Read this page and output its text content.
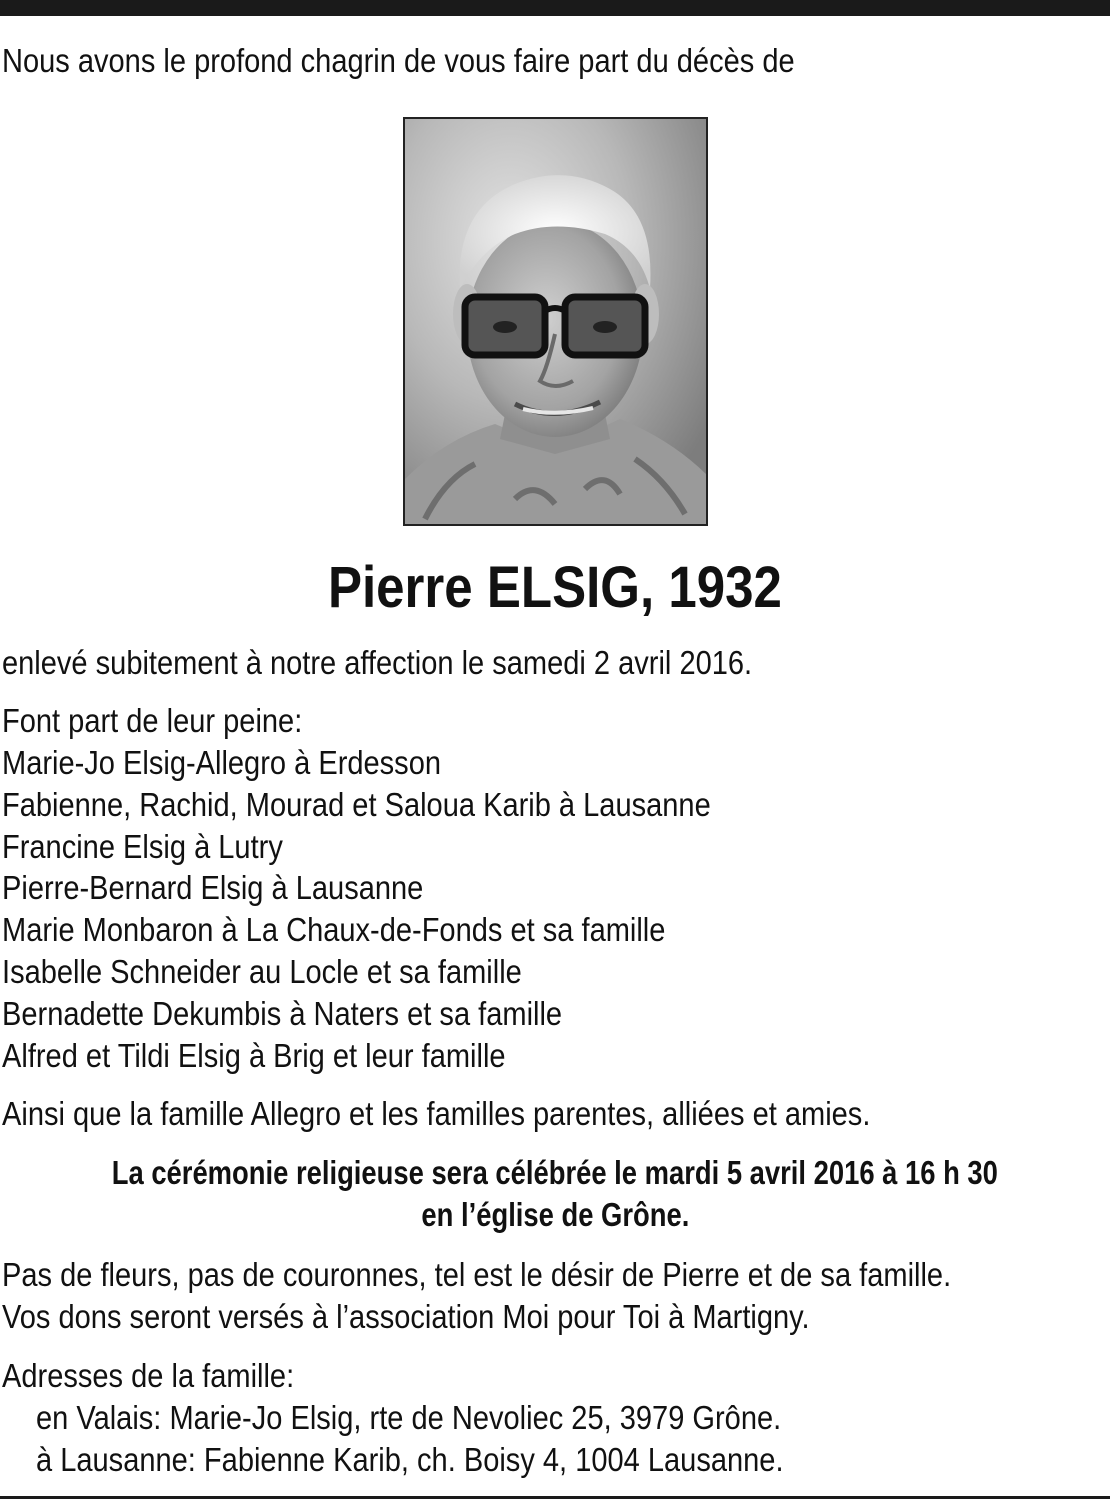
Nous avons le profond chagrin de vous faire part du décès de
Pierre ELSIG, 1932
enlevé subitement à notre affection le samedi 2 avril 2016.
Font part de leur peine:
Marie-Jo Elsig-Allegro à Erdesson
Fabienne, Rachid, Mourad et Saloua Karib à Lausanne
Francine Elsig à Lutry
Pierre-Bernard Elsig à Lausanne
Marie Monbaron à La Chaux-de-Fonds et sa famille
Isabelle Schneider au Locle et sa famille
Bernadette Dekumbis à Naters et sa famille
Alfred et Tildi Elsig à Brig et leur famille
Ainsi que la famille Allegro et les familles parentes, alliées et amies.
La cérémonie religieuse sera célébrée le mardi 5 avril 2016 à 16 h 30
en l’église de Grône.
Pas de fleurs, pas de couronnes, tel est le désir de Pierre et de sa famille.
Vos dons seront versés à l’association Moi pour Toi à Martigny.
Adresses de la famille:
en Valais: Marie-Jo Elsig, rte de Nevoliec 25, 3979 Grône.
à Lausanne: Fabienne Karib, ch. Boisy 4, 1004 Lausanne.
